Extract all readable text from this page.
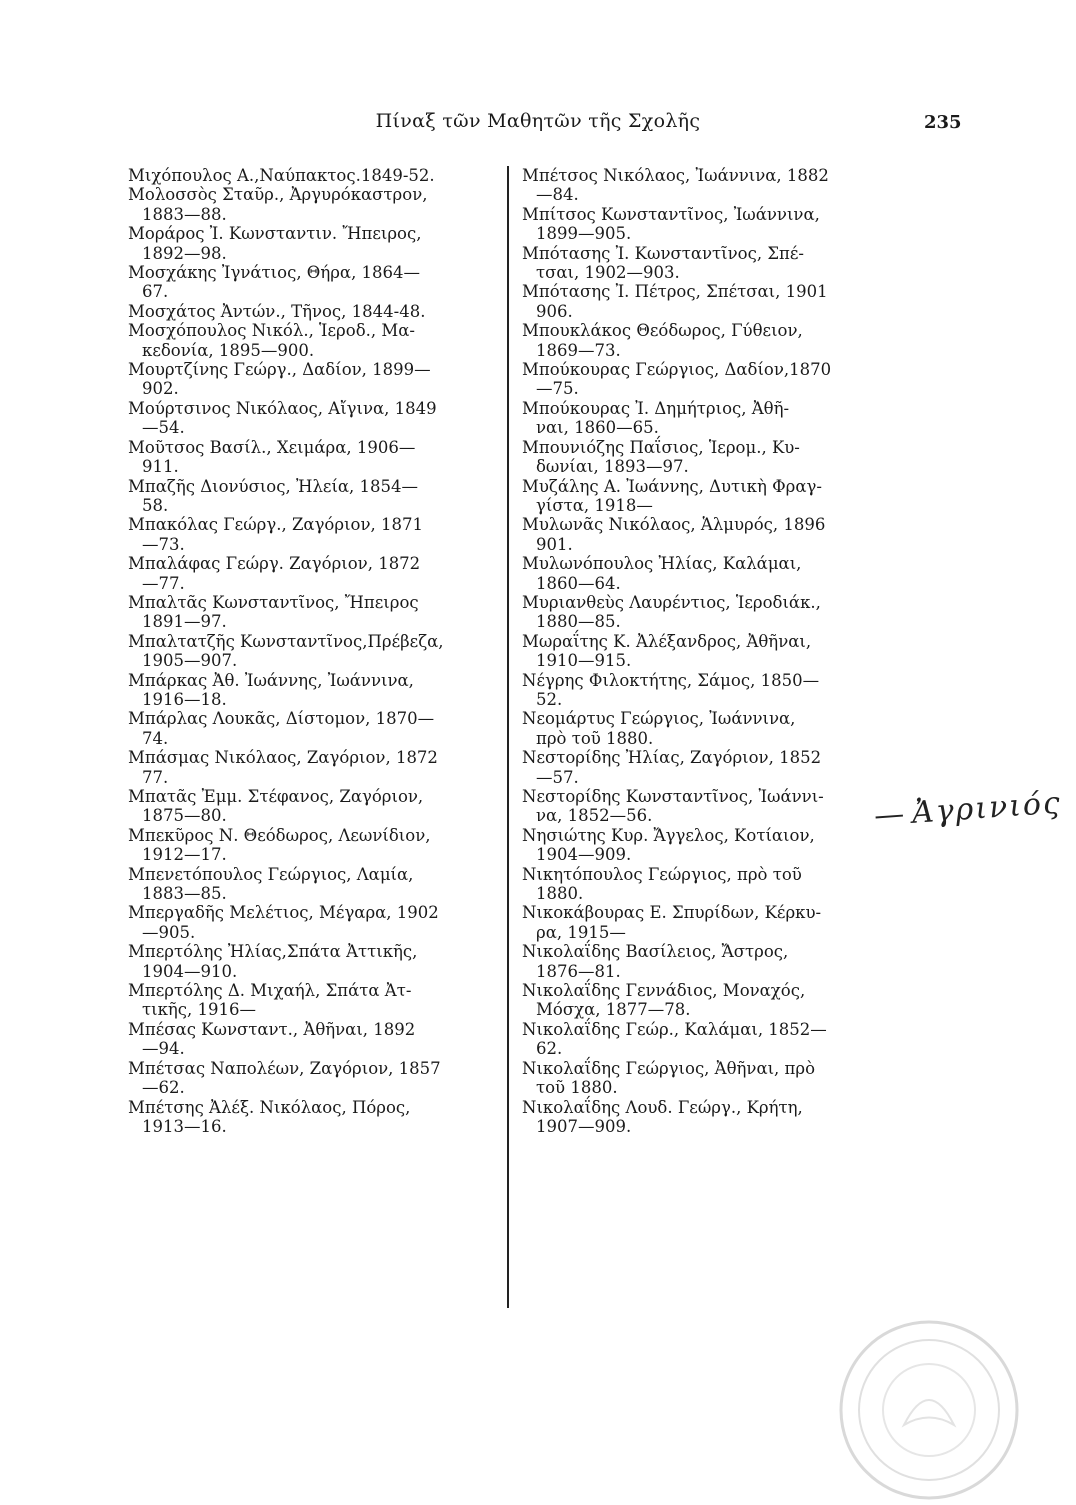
Πίναξ τῶν Μαθητῶν τῆς Σχολῆς	235

Μιχόπουλος Α.,Ναύπακτος.1849-52.

Μολοσσὸς Σταῦρ., Ἀργυρόκαστρον,
1883—88.

Μοράρος Ἰ. Κωνσταντιν. Ἤπειρος,
1892—98.

Μοσχάκης Ἰγνάτιος, Θήρα, 1864—
67.

Μοσχάτος Ἀντών., Τῆνος, 1844-48.

Μοσχόπουλος Νικόλ., Ἱεροδ., Μα-
κεδονία, 1895—900.

Μουρτζίνης Γεώργ., Δαδίον, 1899—
902.

Μούρτσινος Νικόλαος, Αἴγινα, 1849
—54.

Μοῦτσος Βασίλ., Χειμάρα, 1906—
911.

Μπαζῆς Διονύσιος, Ἠλεία, 1854—
58.

Μπακόλας Γεώργ., Ζαγόριον, 1871
—73.

Μπαλάφας Γεώργ. Ζαγόριον, 1872
—77.

Μπαλτᾶς Κωνσταντῖνος, Ἤπειρος
1891—97.

Μπαλτατζῆς Κωνσταντῖνος,Πρέβεζα,
1905—907.

Μπάρκας Ἀθ. Ἰωάννης, Ἰωάννινα,
1916—18.

Μπάρλας Λουκᾶς, Δίστομον, 1870—
74.

Μπάσμας Νικόλαος, Ζαγόριον, 1872
77.

Μπατᾶς Ἐμμ. Στέφανος, Ζαγόριον,
1875—80.

Μπεκῦρος Ν. Θεόδωρος, Λεωνίδιον,
1912—17.

Μπενετόπουλος Γεώργιος, Λαμία,
1883—85.

Μπεργαδῆς Μελέτιος, Μέγαρα, 1902
—905.

Μπερτόλης Ἠλίας,Σπάτα Ἀττικῆς,
1904—910.

Μπερτόλης Δ. Μιχαήλ, Σπάτα Ἀτ-
τικῆς, 1916—

Μπέσας Κωνσταντ., Ἀθῆναι, 1892
—94.

Μπέτσας Ναπολέων, Ζαγόριον, 1857
—62.

Μπέτσης Ἀλέξ. Νικόλαος, Πόρος,
1913—16.

Μπέτσος Νικόλαος, Ἰωάννινα, 1882
—84.

Μπίτσος Κωνσταντῖνος, Ἰωάννινα,
1899—905.

Μπότασης Ἰ. Κωνσταντῖνος, Σπέ-
τσαι, 1902—903.

Μπότασης Ἰ. Πέτρος, Σπέτσαι, 1901
906.

Μπουκλάκος Θεόδωρος, Γύθειον,
1869—73.

Μπούκουρας Γεώργιος, Δαδίον,1870
—75.

Μπούκουρας Ἰ. Δημήτριος, Ἀθῆ-
ναι, 1860—65.

Μπουνιόζης Παΐσιος, Ἱερομ., Κυ-
δωνίαι, 1893—97.

Μυζάλης Α. Ἰωάννης, Δυτικὴ Φραγ-
γίστα, 1918—

Μυλωνᾶς Νικόλαος, Ἁλμυρός, 1896
901.

Μυλωνόπουλος Ἠλίας, Καλάμαι,
1860—64.

Μυριανθεὺς Λαυρέντιος, Ἱεροδιάκ.,
1880—85.

Μωραΐτης Κ. Ἀλέξανδρος, Ἀθῆναι,
1910—915.

Νέγρης Φιλοκτήτης, Σάμος, 1850—
52.

Νεομάρτυς Γεώργιος, Ἰωάννινα,
πρὸ τοῦ 1880.

Νεστορίδης Ἠλίας, Ζαγόριον, 1852
—57.

Νεστορίδης Κωνσταντῖνος, Ἰωάννι-
να, 1852—56.

Νησιώτης Κυρ. Ἄγγελος, Κοτίαιον,
1904—909.

Νικητόπουλος Γεώργιος, πρὸ τοῦ
1880.

Νικοκάβουρας Ε. Σπυρίδων, Κέρκυ-
ρα, 1915—

Νικολαΐδης Βασίλειος, Ἄστρος,
1876—81.

Νικολαΐδης Γεννάδιος, Μοναχός,
Μόσχα, 1877—78.

Νικολαΐδης Γεώρ., Καλάμαι, 1852—
62.

Νικολαΐδης Γεώργιος, Ἀθῆναι, πρὸ
τοῦ 1880.

Νικολαΐδης Λουδ. Γεώργ., Κρήτη,
1907—909.

— Ἀγρινιός
